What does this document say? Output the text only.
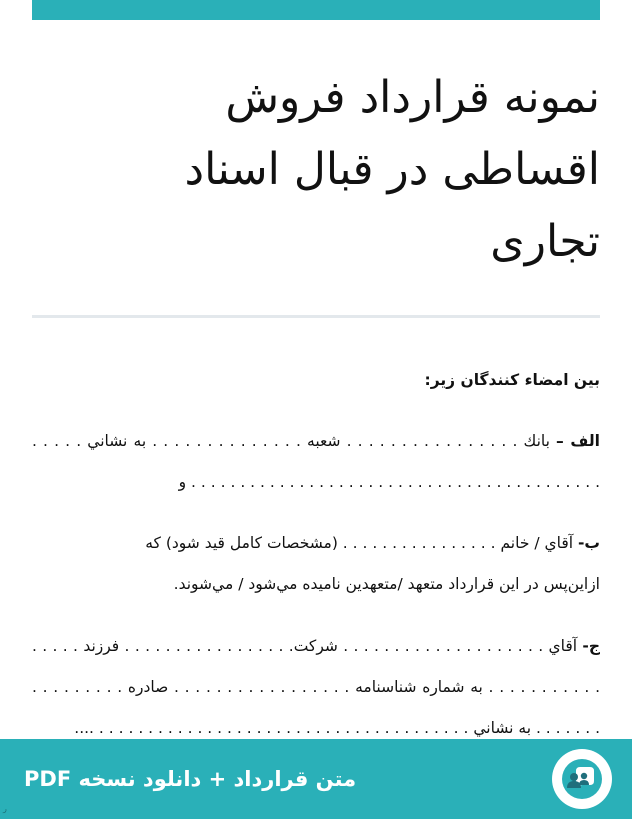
نمونه قرارداد فروش
اقساطی در قبال اسناد
تجاری

بين امضاء كنندگان زير:

الف – بانك . . . . . . . . . . . . . . . . شعبه . . . . . . . . . . . . . . به نشاني . . . . .
. . . . . . . . . . . . . . . . . . . . . . . . . . . . . . . . . . . . . . . . . . و
ب- آقاي / خانم . . . . . . . . . . . . . . . . (مشخصات كامل قيد شود) كه
ازاين‌پس در اين قرارداد متعهد /متعهدين ناميده مي‌شود / مي‌شوند.
ج- آقاي . . . . . . . . . . . . . . . . . . . . شركت. . . . . . . . . . . . . . . . . فرزند . . . . .
. . . . . . . . . . . به شماره شناسنامه . . . . . . . . . . . . . . . . . صادره . . . . . . . . .
. . . . . . . به نشاني . . . . . . . . . . . . . . . . . . . . . . . . . . . . . . . . . . . . . . ....
متن قرارداد + دانلود نسخه PDF
ر
